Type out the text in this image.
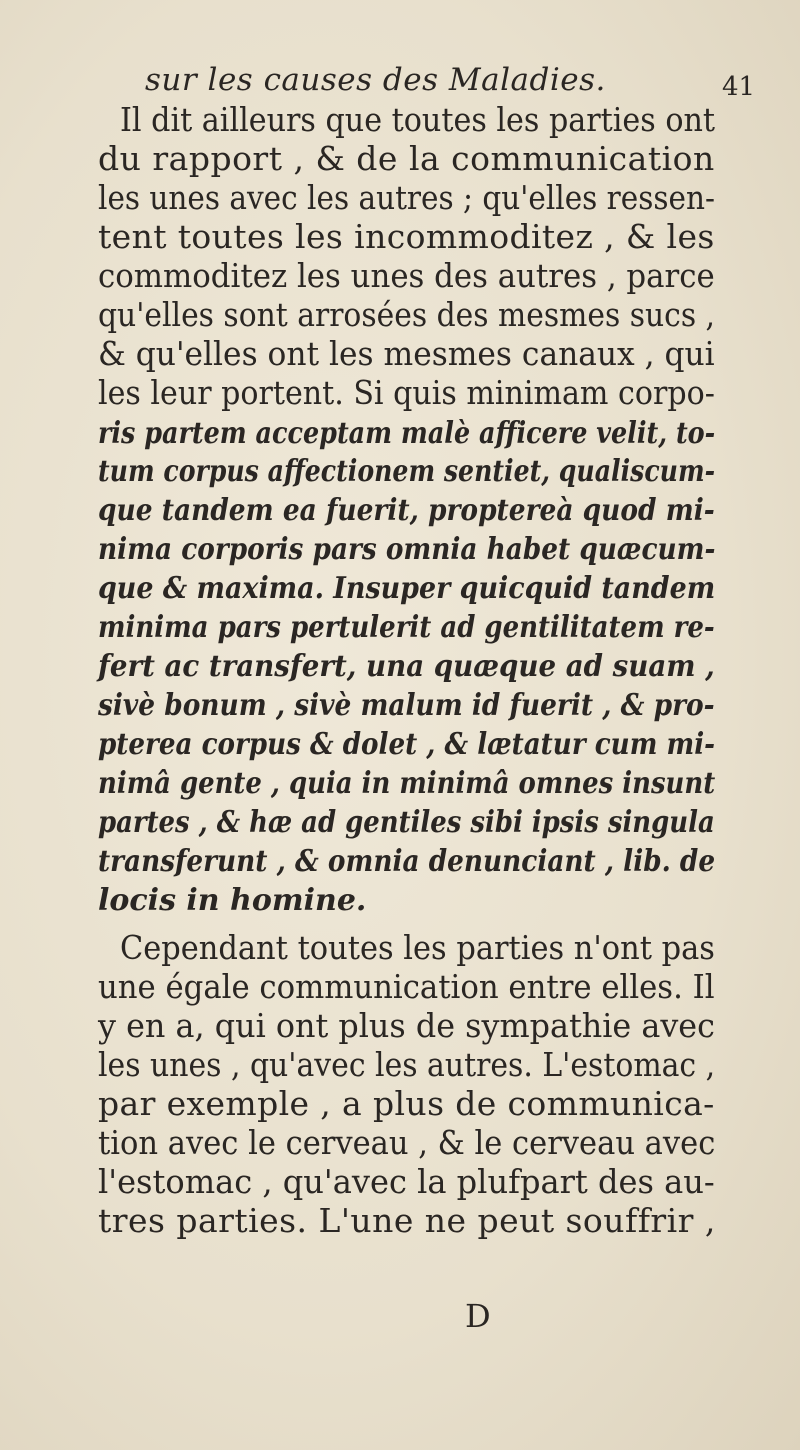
sur les causes des Maladies.	41
Il dit ailleurs que toutes les parties ont
du rapport , & de la communication
les unes avec les autres ; qu'elles ressen-
tent toutes les incommoditez , & les
commoditez les unes des autres , parce
qu'elles sont arrosées des mesmes sucs ,
& qu'elles ont les mesmes canaux , qui
les leur portent. Si quis minimam corpo-
ris partem acceptam malè afficere velit, to-
tum corpus affectionem sentiet, qualiscum-
que tandem ea fuerit, proptereà quod mi-
nima corporis pars omnia habet quæcum-
que & maxima. Insuper quicquid tandem
minima pars pertulerit ad gentilitatem re-
fert ac transfert, una quæque ad suam ,
sivè bonum , sivè malum id fuerit , & pro-
pterea corpus & dolet , & lætatur cum mi-
nimâ gente , quia in minimâ omnes insunt
partes , & hæ ad gentiles sibi ipsis singula
transferunt , & omnia denunciant , lib. de
locis in homine.
Cependant toutes les parties n'ont pas
une égale communication entre elles. Il
y en a, qui ont plus de sympathie avec
les unes , qu'avec les autres. L'estomac ,
par exemple , a plus de communica-
tion avec le cerveau , & le cerveau avec
l'estomac , qu'avec la plufpart des au-
tres parties. L'une ne peut souffrir ,
D
